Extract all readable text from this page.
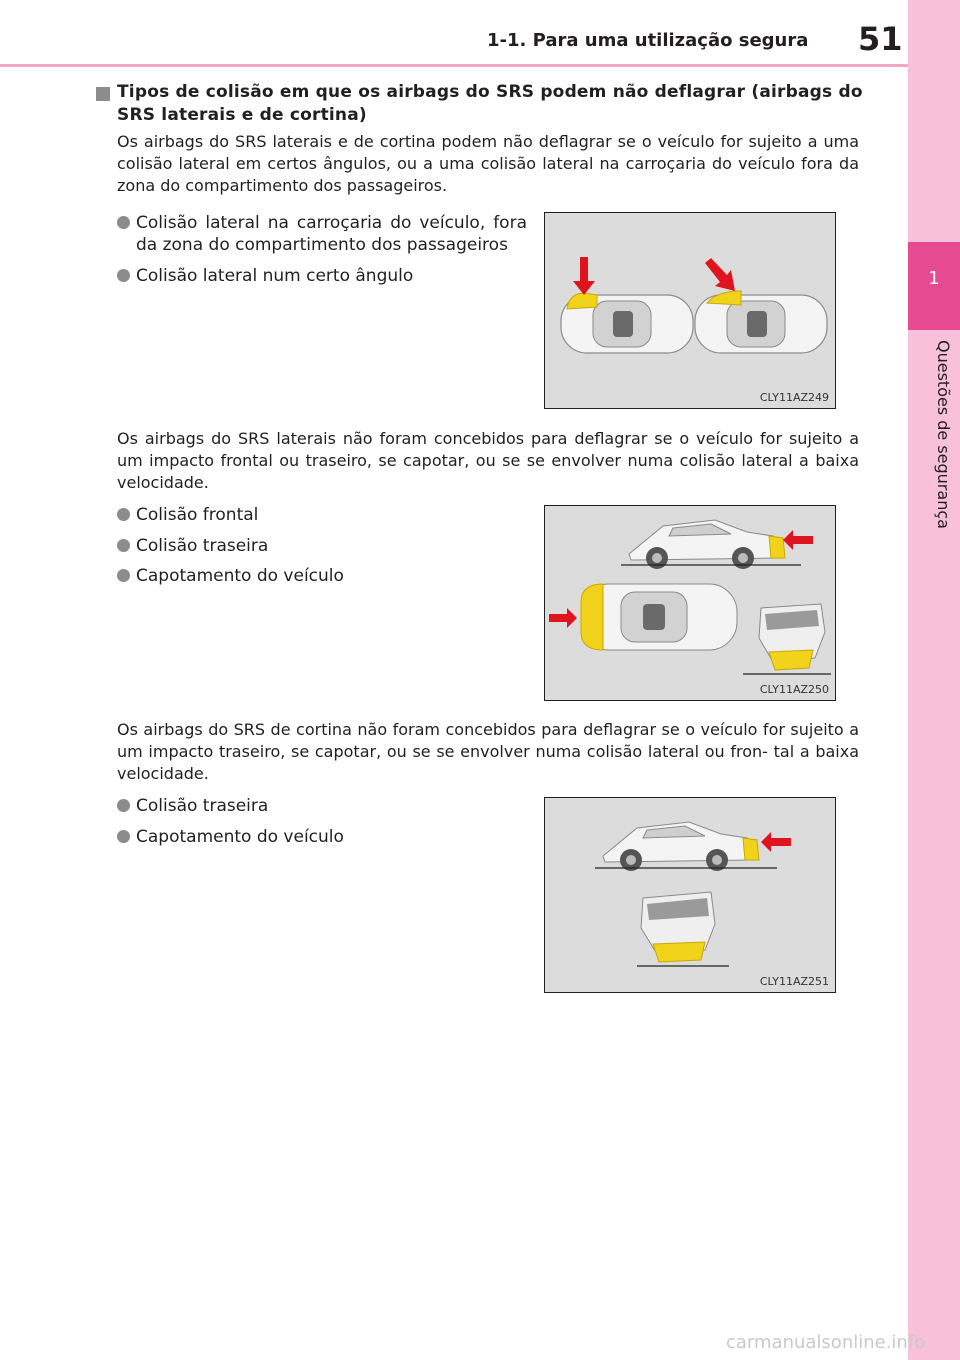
1-1. Para uma utilização segura 51
1
Questões de segurança
Tipos de colisão em que os airbags do SRS podem não deflagrar (airbags do SRS laterais e de cortina)
Os airbags do SRS laterais e de cortina podem não deflagrar se o veículo for sujeito a uma colisão lateral em certos ângulos, ou a uma colisão lateral na carroçaria do veículo fora da zona do compartimento dos passageiros.
Colisão lateral na carroçaria do veículo, fora da zona do compartimento dos passageiros
Colisão lateral num certo ângulo
CLY11AZ249
Os airbags do SRS laterais não foram concebidos para deflagrar se o veículo for sujeito a um impacto frontal ou traseiro, se capotar, ou se se envolver numa colisão lateral a baixa velocidade.
Colisão frontal
Colisão traseira
Capotamento do veículo
CLY11AZ250
Os airbags do SRS de cortina não foram concebidos para deflagrar se o veículo for sujeito a um impacto traseiro, se capotar, ou se se envolver numa colisão lateral ou fron- tal a baixa velocidade.
Colisão traseira
Capotamento do veículo
CLY11AZ251
carmanualsonline.info
